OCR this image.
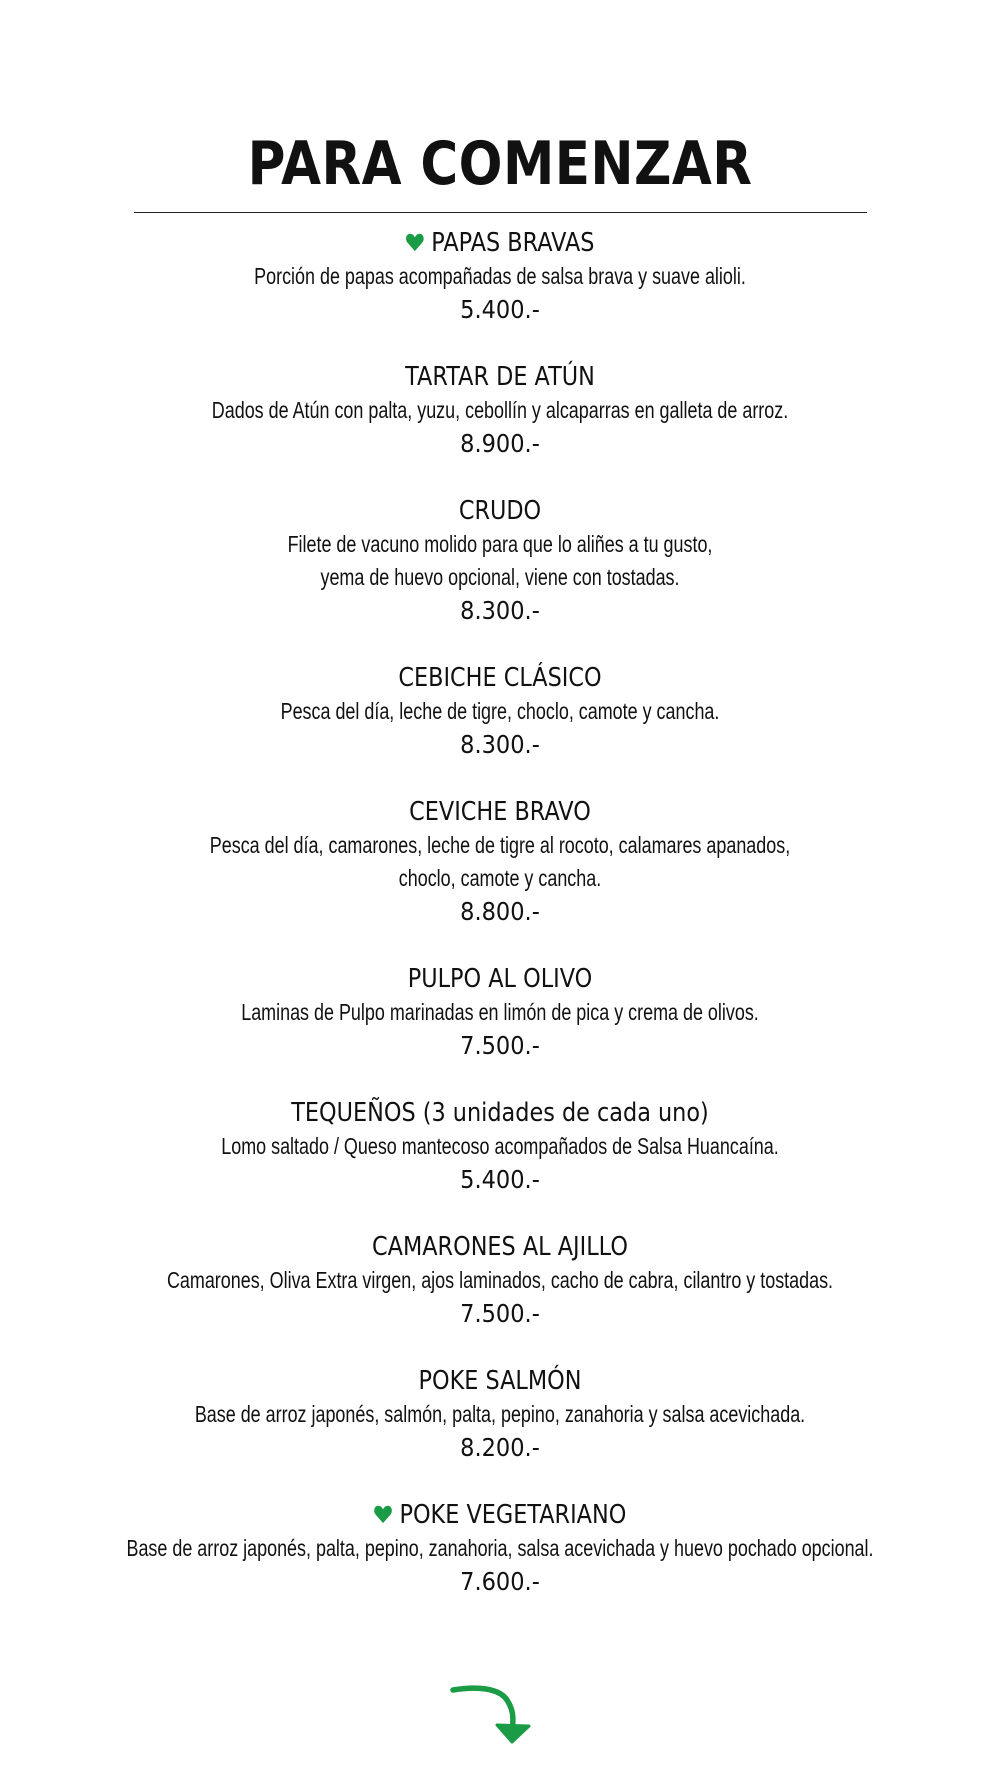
PARA COMENZAR
PAPAS BRAVAS
Porción de papas acompañadas de salsa brava y suave alioli.
5.400.-
TARTAR DE ATÚN
Dados de Atún con palta, yuzu, cebollín y alcaparras en galleta de arroz.
8.900.-
CRUDO
Filete de vacuno molido para que lo aliñes a tu gusto,
yema de huevo opcional, viene con tostadas.
8.300.-
CEBICHE CLÁSICO
Pesca del día, leche de tigre, choclo, camote y cancha.
8.300.-
CEVICHE BRAVO
Pesca del día, camarones, leche de tigre al rocoto, calamares apanados,
choclo, camote y cancha.
8.800.-
PULPO AL OLIVO
Laminas de Pulpo marinadas en limón de pica y crema de olivos.
7.500.-
TEQUEÑOS (3 unidades de cada uno)
Lomo saltado / Queso mantecoso acompañados de Salsa Huancaína.
5.400.-
CAMARONES AL AJILLO
Camarones, Oliva Extra virgen, ajos laminados, cacho de cabra, cilantro y tostadas.
7.500.-
POKE SALMÓN
Base de arroz japonés, salmón, palta, pepino, zanahoria y salsa acevichada.
8.200.-
POKE VEGETARIANO
Base de arroz japonés, palta, pepino, zanahoria, salsa acevichada y huevo pochado opcional.
7.600.-
